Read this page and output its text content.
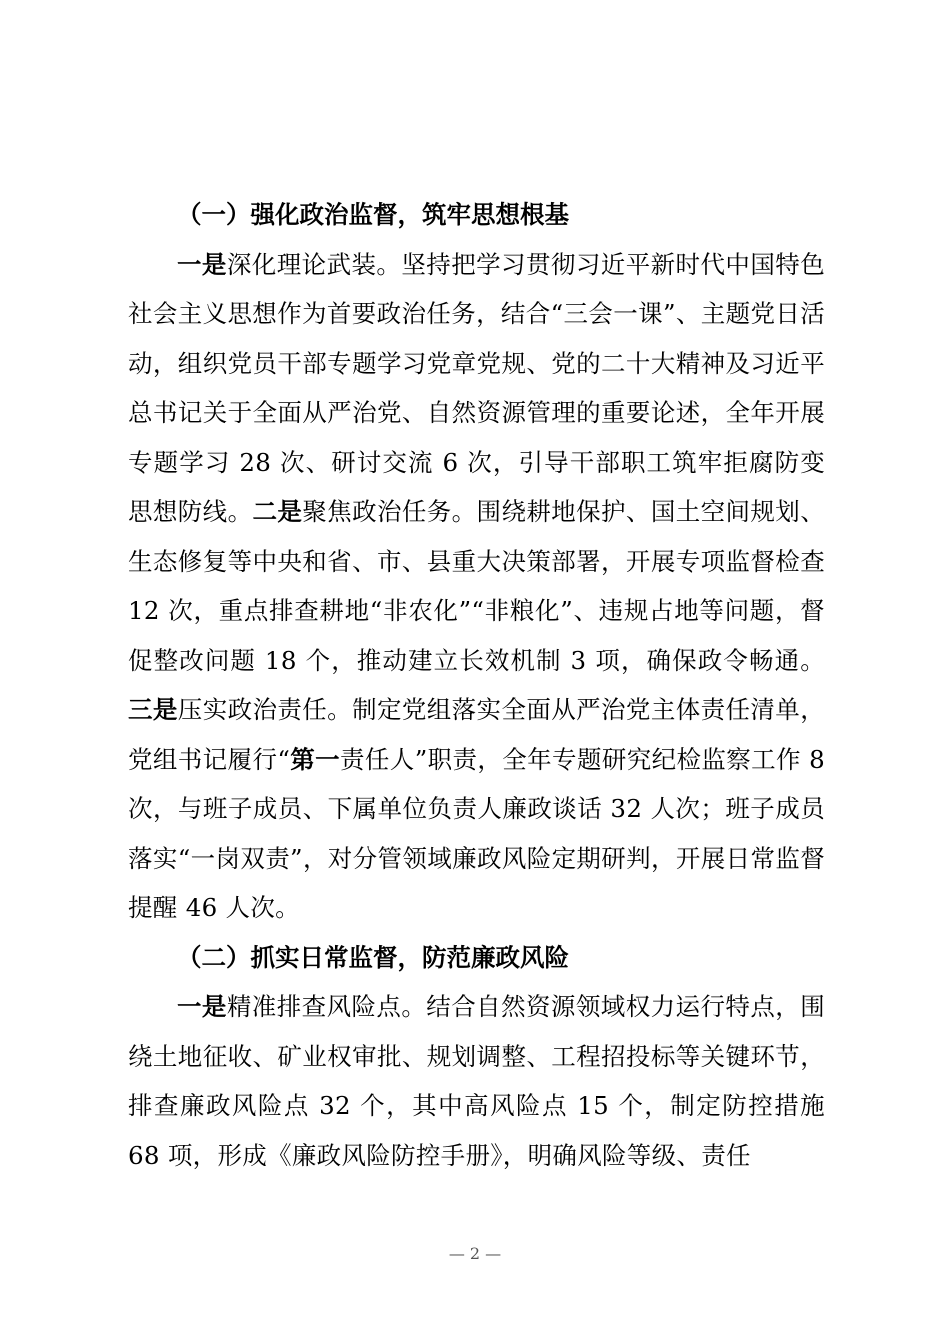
（一）强化政治监督，筑牢思想根基

一是深化理论武装。坚持把学习贯彻习近平新时代中国特色社会主义思想作为首要政治任务，结合“三会一课”、主题党日活动，组织党员干部专题学习党章党规、党的二十大精神及习近平总书记关于全面从严治党、自然资源管理的重要论述，全年开展专题学习 28 次、研讨交流 6 次，引导干部职工筑牢拒腐防变思想防线。二是聚焦政治任务。围绕耕地保护、国土空间规划、生态修复等中央和省、市、县重大决策部署，开展专项监督检查 12 次，重点排查耕地“非农化”“非粮化”、违规占地等问题，督促整改问题 18 个，推动建立长效机制 3 项，确保政令畅通。三是压实政治责任。制定党组落实全面从严治党主体责任清单，党组书记履行“第一责任人”职责，全年专题研究纪检监察工作 8 次，与班子成员、下属单位负责人廉政谈话 32 人次；班子成员落实“一岗双责”，对分管领域廉政风险定期研判，开展日常监督提醒 46 人次。

（二）抓实日常监督，防范廉政风险

一是精准排查风险点。结合自然资源领域权力运行特点，围绕土地征收、矿业权审批、规划调整、工程招投标等关键环节，排查廉政风险点 32 个，其中高风险点 15 个，制定防控措施 68 项，形成《廉政风险防控手册》，明确风险等级、责任

— 2 —
